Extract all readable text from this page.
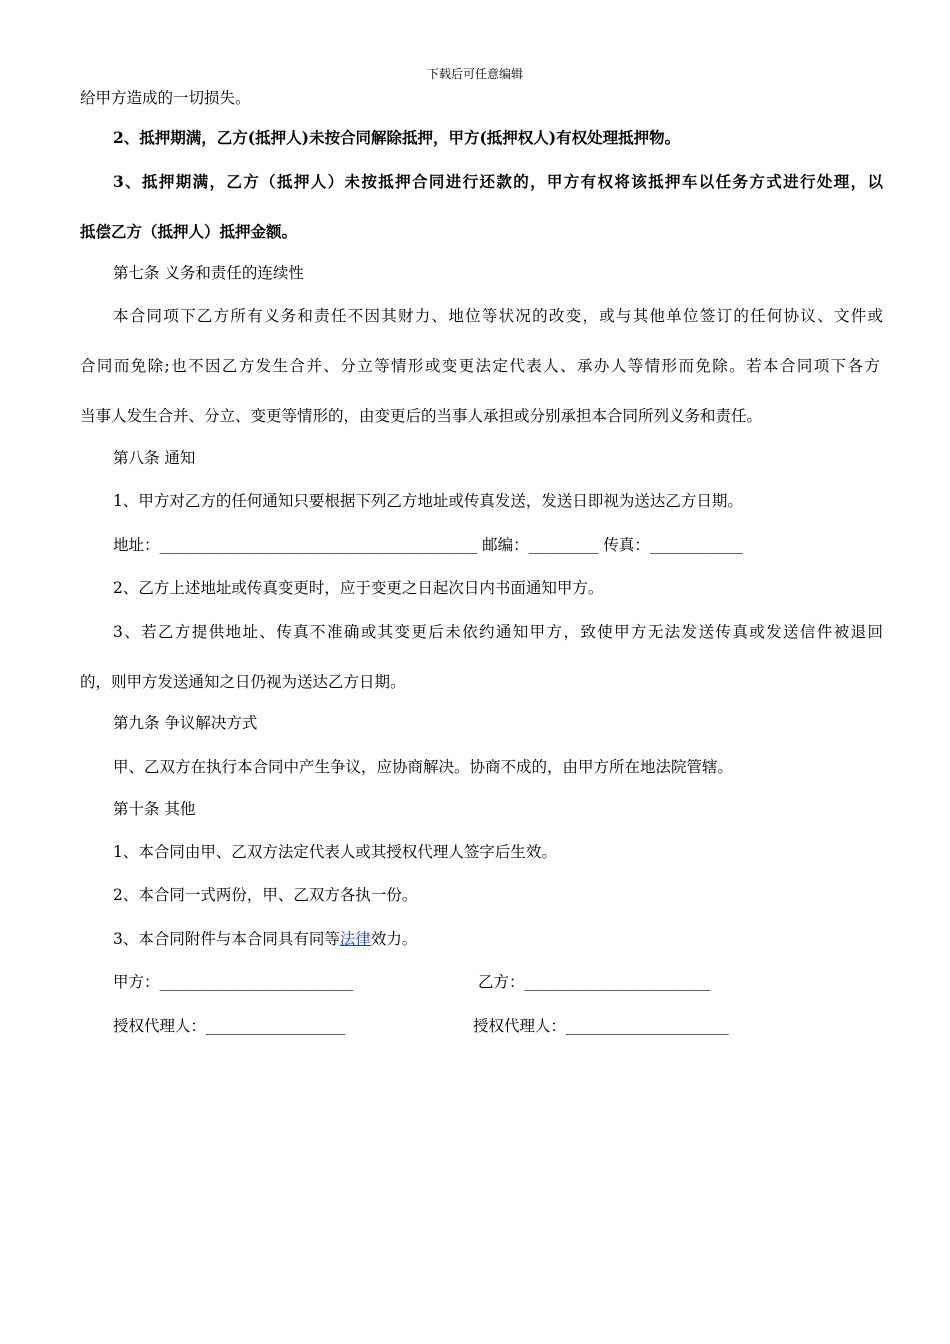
下载后可任意编辑
给甲方造成的一切损失。
2、抵押期满，乙方(抵押人)未按合同解除抵押，甲方(抵押权人)有权处理抵押物。
3、抵押期满，乙方（抵押人）未按抵押合同进行还款的，甲方有权将该抵押车以任务方式进行处理，以
抵偿乙方（抵押人）抵押金额。
第七条 义务和责任的连续性
本合同项下乙方所有义务和责任不因其财力、地位等状况的改变，或与其他单位签订的任何协议、文件或
合同而免除;也不因乙方发生合并、分立等情形或变更法定代表人、承办人等情形而免除。若本合同项下各方
当事人发生合并、分立、变更等情形的，由变更后的当事人承担或分别承担本合同所列义务和责任。
第八条 通知
1、甲方对乙方的任何通知只要根据下列乙方地址或传真发送，发送日即视为送达乙方日期。
地址：_________________________________________ 邮编：_________ 传真：____________
2、乙方上述地址或传真变更时，应于变更之日起次日内书面通知甲方。
3、若乙方提供地址、传真不准确或其变更后未依约通知甲方，致使甲方无法发送传真或发送信件被退回
的，则甲方发送通知之日仍视为送达乙方日期。
第九条 争议解决方式
甲、乙双方在执行本合同中产生争议，应协商解决。协商不成的，由甲方所在地法院管辖。
第十条 其他
1、本合同由甲、乙双方法定代表人或其授权代理人签字后生效。
2、本合同一式两份，甲、乙双方各执一份。
3、本合同附件与本合同具有同等法律效力。
甲方：_________________________	乙方：________________________
授权代理人：__________________	授权代理人：_____________________
